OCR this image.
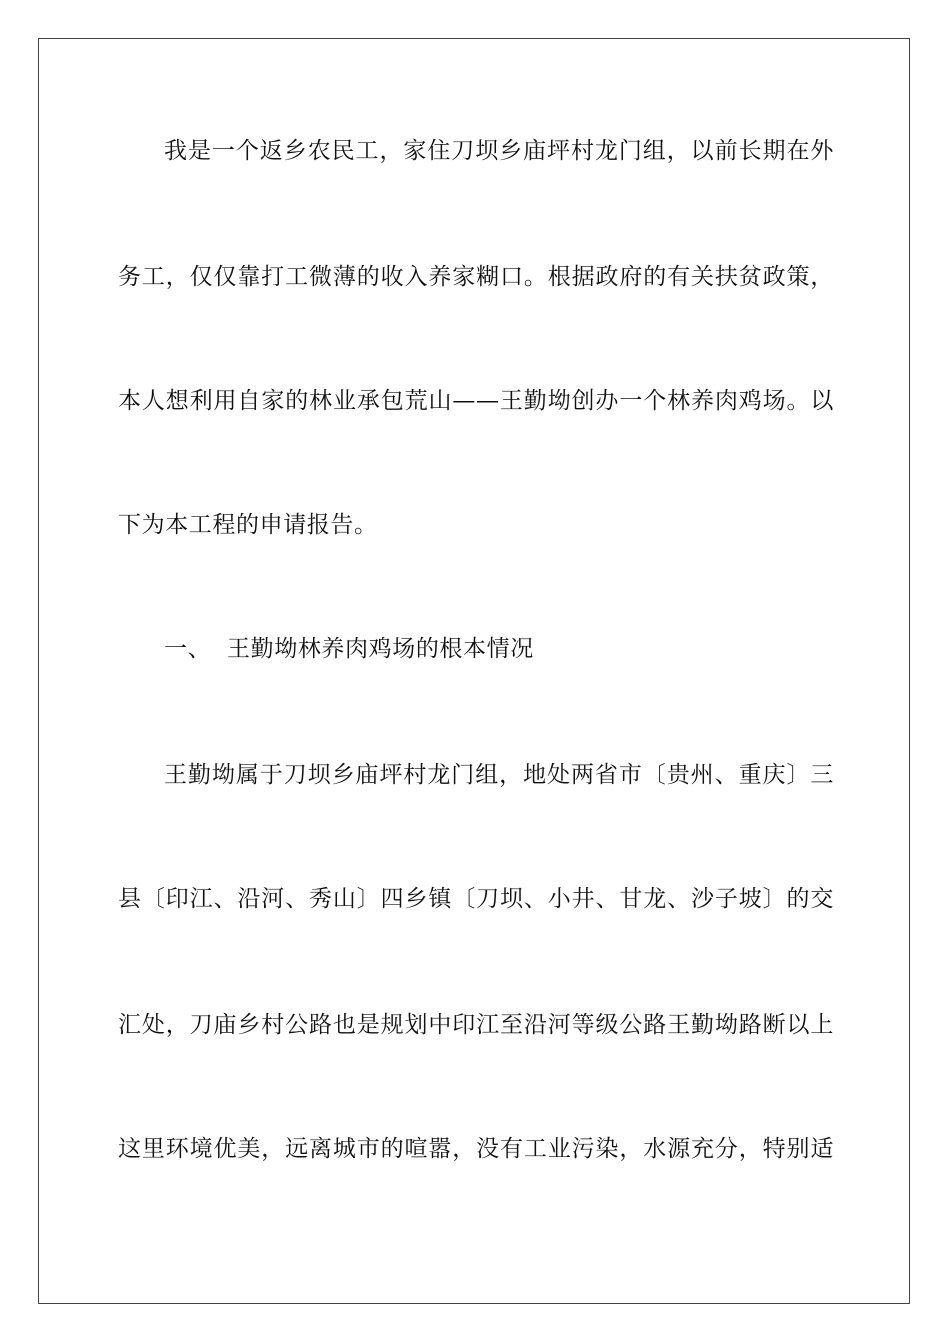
我是一个返乡农民工，家住刀坝乡庙坪村龙门组，以前长期在外
务工，仅仅靠打工微薄的收入养家糊口。根据政府的有关扶贫政策，
本人想利用自家的林业承包荒山——王勤坳创办一个林养肉鸡场。以
下为本工程的申请报告。
一、  王勤坳林养肉鸡场的根本情况
王勤坳属于刀坝乡庙坪村龙门组，地处两省市〔贵州、重庆〕三
县〔印江、沿河、秀山〕四乡镇〔刀坝、小井、甘龙、沙子坡〕的交
汇处，刀庙乡村公路也是规划中印江至沿河等级公路王勤坳路断以上
这里环境优美，远离城市的喧嚣，没有工业污染，水源充分，特别适
